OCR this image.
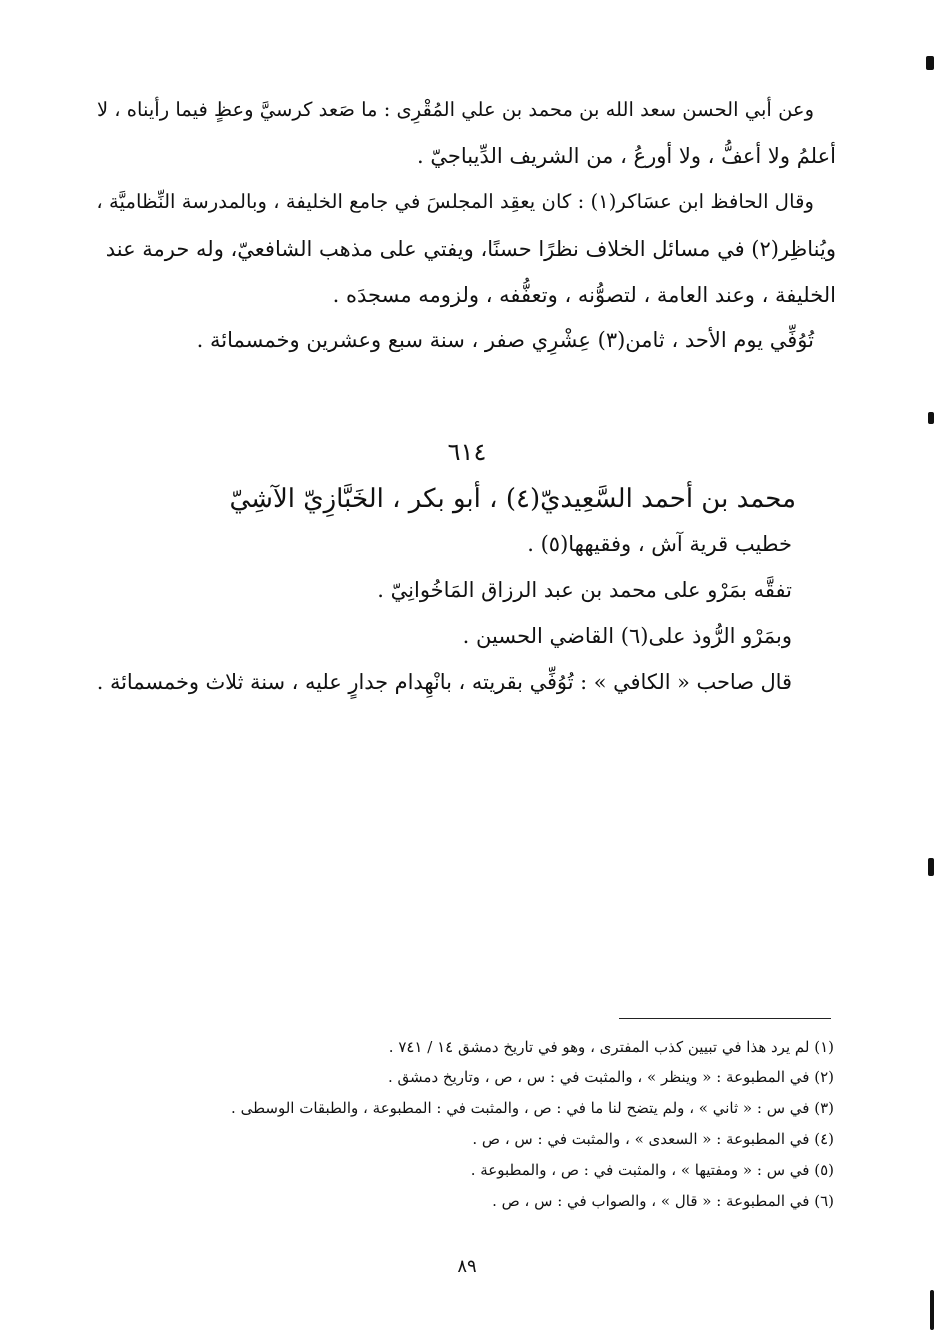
وعن أبي الحسن سعد الله بن محمد بن علي المُقْرِى : ما صَعد كرسيَّ وعظٍ فيما رأيناه ، لا
أعلمُ ولا أعفُّ ، ولا أورعُ ، من الشريف الدِّيباجيّ .
وقال الحافظ ابن عسَاكر(١) : كان يعقِد المجلسَ في جامع الخليفة ، وبالمدرسة النِّظاميَّة ،
ويُناظِر(٢) في مسائل الخلاف نظرًا حسنًا، ويفتي على مذهب الشافعيّ، وله حرمة عند
الخليفة ، وعند العامة ، لتصوُّنه ، وتعفُّفه ، ولزومه مسجدَه .
تُوُفِّي يوم الأحد ، ثامن(٣) عِشْرِي صفر ، سنة سبع وعشرين وخمسمائة .
٦١٤
محمد بن أحمد السَّعِيديّ(٤) ، أبو بكر ، الخَبَّازِيّ الآشِيّ
خطيب قرية آش ، وفقيهها(٥) .
تفقَّه بمَرْو على محمد بن عبد الرزاق المَاخُوانِيّ .
وبمَرْو الرُّوذ على(٦) القاضي الحسين .
قال صاحب « الكافي » : تُوُفِّي بقريته ، بانْهِدام جدارٍ عليه ، سنة ثلاث وخمسمائة .
(١) لم يرد هذا في تبيين كذب المفترى ، وهو في تاريخ دمشق ١٤ / ٧٤١ .
(٢) في المطبوعة : « وينظر » ، والمثبت في : س ، ص ، وتاريخ دمشق .
(٣) في س : « ثاني » ، ولم يتضح لنا ما في : ص ، والمثبت في : المطبوعة ، والطبقات الوسطى .
(٤) في المطبوعة : « السعدى » ، والمثبت في : س ، ص .
(٥) في س : « ومفتيها » ، والمثبت في : ص ، والمطبوعة .
(٦) في المطبوعة : « قال » ، والصواب في : س ، ص .
٨٩
